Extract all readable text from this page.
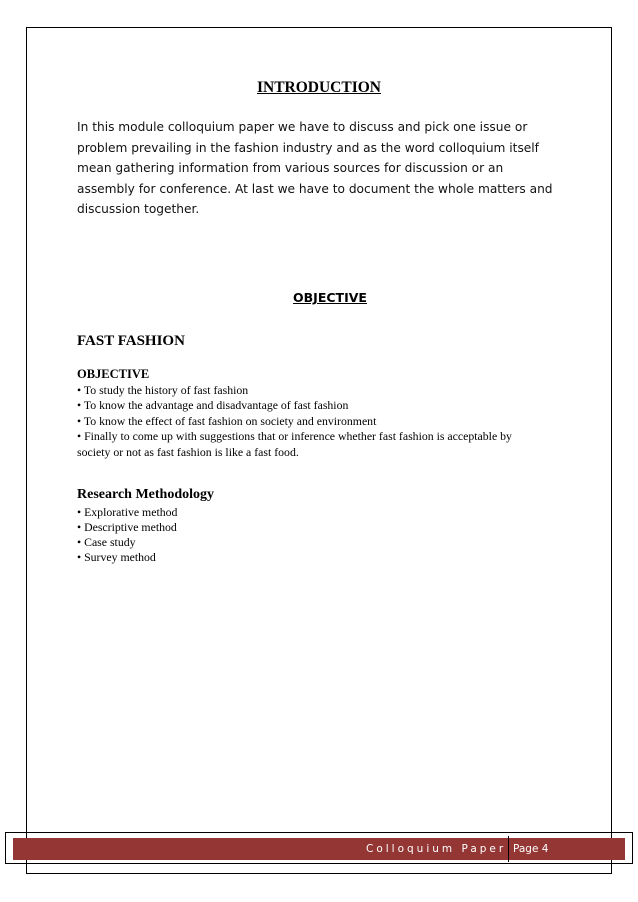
INTRODUCTION

In this module colloquium paper we have to discuss and pick one issue or

problem prevailing in the fashion industry and as the word colloquium itself

mean gathering information from various sources for discussion or an

assembly for conference. At last we have to document the whole matters and

discussion together.

OBJECTIVE
FAST FASHION
OBJECTIVE
• To study the history of fast fashion
• To know the advantage and disadvantage of fast fashion
• To know the effect of fast fashion on society and environment
• Finally to come up with suggestions that or inference whether fast fashion is acceptable by
society or not as fast fashion is like a fast food.
Research Methodology
• Explorative method
• Descriptive method
• Case study
• Survey method
Colloquium Paper Page 4
